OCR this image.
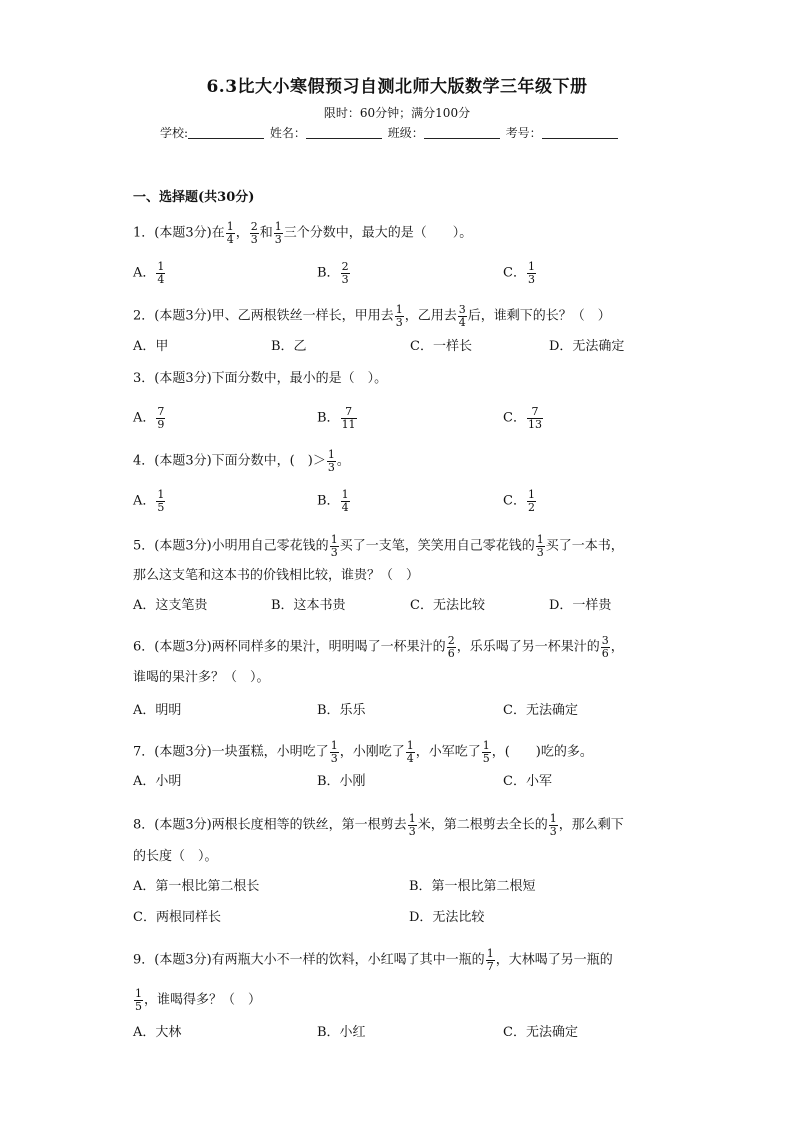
6.3比大小寒假预习自测北师大版数学三年级下册
限时：60分钟；满分100分
学校:	姓名：	班级：	考号：
一、选择题(共30分)
1．(本题3分)在 $\frac{1}{4}$ ， $\frac{2}{3}$ 和 $\frac{1}{3}$ 三个分数中，最大的是（　　）。
A． $\frac{1}{4}$	B． $\frac{2}{3}$	C． $\frac{1}{3}$
2．(本题3分)甲、乙两根铁丝一样长，甲用去 $\frac{1}{3}$ ，乙用去 $\frac{3}{4}$ 后，谁剩下的长？（　）
A．甲	B．乙	C．一样长	D．无法确定
3．(本题3分)下面分数中，最小的是（　）。
A． $\frac{7}{9}$	B． $\frac{7}{11}$	C． $\frac{7}{13}$
4．(本题3分)下面分数中，(　)＞ $\frac{1}{3}$ 。
A． $\frac{1}{5}$	B． $\frac{1}{4}$	C． $\frac{1}{2}$
5．(本题3分)小明用自己零花钱的 $\frac{1}{3}$ 买了一支笔，笑笑用自己零花钱的 $\frac{1}{3}$ 买了一本书，
那么这支笔和这本书的价钱相比较，谁贵？（　）
A．这支笔贵	B．这本书贵	C．无法比较	D．一样贵
6．(本题3分)两杯同样多的果汁，明明喝了一杯果汁的 $\frac{2}{6}$ ，乐乐喝了另一杯果汁的 $\frac{3}{6}$ ，
谁喝的果汁多？（　）。
A．明明	B．乐乐	C．无法确定
7．(本题3分)一块蛋糕，小明吃了 $\frac{1}{3}$ ，小刚吃了 $\frac{1}{4}$ ，小军吃了 $\frac{1}{5}$ ，(　　)吃的多。
A．小明	B．小刚	C．小军
8．(本题3分)两根长度相等的铁丝，第一根剪去 $\frac{1}{3}$ 米，第二根剪去全长的 $\frac{1}{3}$ ，那么剩下
的长度（　）。
A．第一根比第二根长	B．第一根比第二根短
C．两根同样长	D．无法比较
9．(本题3分)有两瓶大小不一样的饮料，小红喝了其中一瓶的 $\frac{1}{7}$ ，大林喝了另一瓶的
$\frac{1}{5}$ ，谁喝得多？（　）
A．大林	B．小红	C．无法确定
